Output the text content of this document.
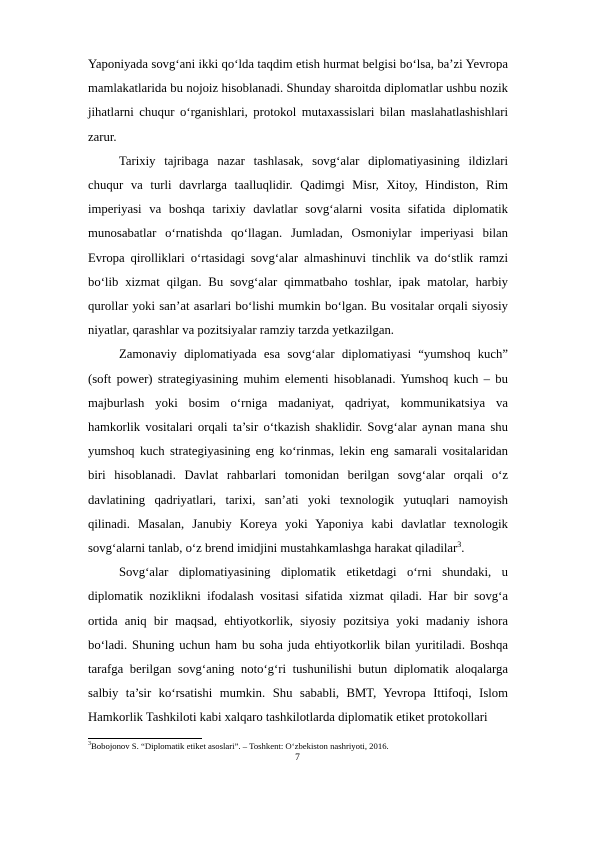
Yaponiyada sovg‘ani ikki qo‘lda taqdim etish hurmat belgisi bo‘lsa, ba’zi Yevropa mamlakatlarida bu nojoiz hisoblanadi. Shunday sharoitda diplomatlar ushbu nozik jihatlarni chuqur o‘rganishlari, protokol mutaxassislari bilan maslahatlashishlari zarur.

Tarixiy tajribaga nazar tashlasak, sovg‘alar diplomatiyasining ildizlari chuqur va turli davrlarga taalluqlidir. Qadimgi Misr, Xitoy, Hindiston, Rim imperiyasi va boshqa tarixiy davlatlar sovg‘alarni vosita sifatida diplomatik munosabatlar o‘rnatishda qo‘llagan. Jumladan, Osmoniylar imperiyasi bilan Evropa qirolliklari o‘rtasidagi sovg‘alar almashinuvi tinchlik va do‘stlik ramzi bo‘lib xizmat qilgan. Bu sovg‘alar qimmatbaho toshlar, ipak matolar, harbiy qurollar yoki san’at asarlari bo‘lishi mumkin bo‘lgan. Bu vositalar orqali siyosiy niyatlar, qarashlar va pozitsiyalar ramziy tarzda yetkazilgan.

Zamonaviy diplomatiyada esa sovg‘alar diplomatiyasi “yumshoq kuch” (soft power) strategiyasining muhim elementi hisoblanadi. Yumshoq kuch – bu majburlash yoki bosim o‘rniga madaniyat, qadriyat, kommunikatsiya va hamkorlik vositalari orqali ta’sir o‘tkazish shaklidir. Sovg‘alar aynan mana shu yumshoq kuch strategiyasining eng ko‘rinmas, lekin eng samarali vositalaridan biri hisoblanadi. Davlat rahbarlari tomonidan berilgan sovg‘alar orqali o‘z davlatining qadriyatlari, tarixi, san’ati yoki texnologik yutuqlari namoyish qilinadi. Masalan, Janubiy Koreya yoki Yaponiya kabi davlatlar texnologik sovg‘alarni tanlab, o‘z brend imidjini mustahkamlashga harakat qiladilar$^3$.

Sovg‘alar diplomatiyasining diplomatik etiketdagi o‘rni shundaki, u diplomatik noziklikni ifodalash vositasi sifatida xizmat qiladi. Har bir sovg‘a ortida aniq bir maqsad, ehtiyotkorlik, siyosiy pozitsiya yoki madaniy ishora bo‘ladi. Shuning uchun ham bu soha juda ehtiyotkorlik bilan yuritiladi. Boshqa tarafga berilgan sovg‘aning noto‘g‘ri tushunilishi butun diplomatik aloqalarga salbiy ta’sir ko‘rsatishi mumkin. Shu sababli, BMT, Yevropa Ittifoqi, Islom Hamkorlik Tashkiloti kabi xalqaro tashkilotlarda diplomatik etiket protokollari

$^3$Bobojonov S. “Diplomatik etiket asoslari”. – Toshkent: O‘zbekiston nashriyoti, 2016.
7
